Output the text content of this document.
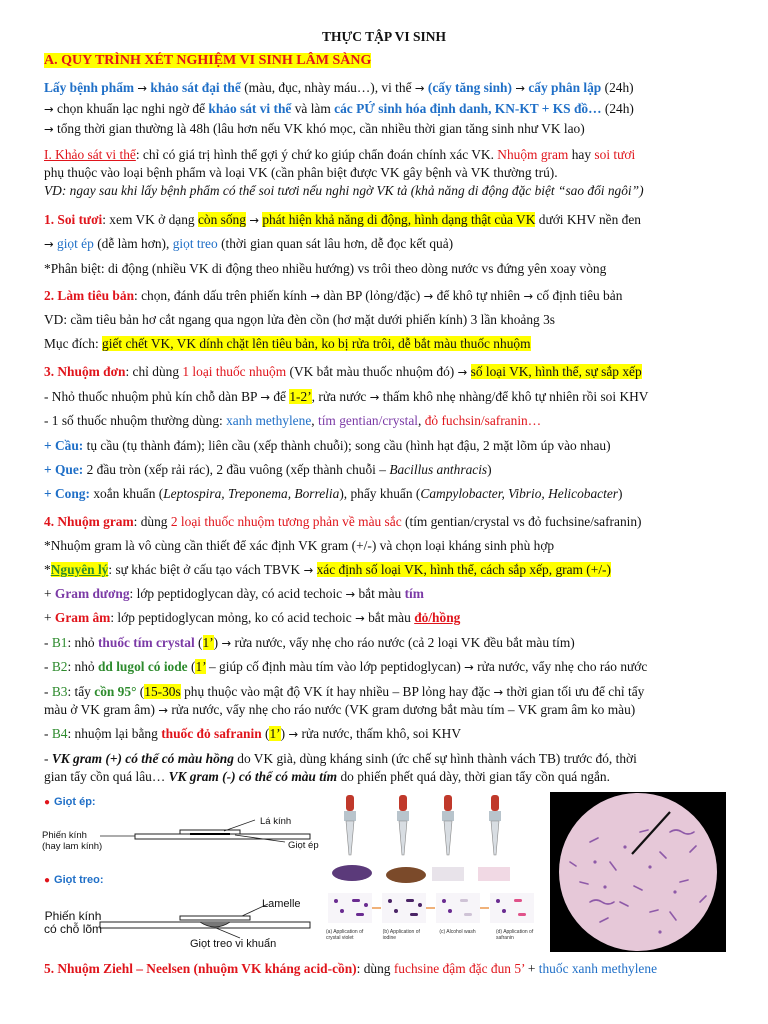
THỰC TẬP VI SINH
A. QUY TRÌNH XÉT NGHIỆM VI SINH LÂM SÀNG
Lấy bệnh phẩm → khảo sát đại thể (màu, đục, nhày máu…), vi thể → (cấy tăng sinh) → cấy phân lập (24h)
→ chọn khuẩn lạc nghi ngờ để khảo sát vi thể và làm các PỨ sinh hóa định danh, KN-KT + KS đồ… (24h)
→ tổng thời gian thường là 48h (lâu hơn nếu VK khó mọc, cần nhiều thời gian tăng sinh như VK lao)
I. Khảo sát vi thể: chỉ có giá trị hình thể gợi ý chứ ko giúp chẩn đoán chính xác VK. Nhuộm gram hay soi tươi
phụ thuộc vào loại bệnh phẩm và loại VK (cần phân biệt được VK gây bệnh và VK thường trú).
VD: ngay sau khi lấy bệnh phẩm có thể soi tươi nếu nghi ngờ VK tả (khả năng di động đặc biệt “sao đổi ngôi”)
1. Soi tươi: xem VK ở dạng còn sống → phát hiện khả năng di động, hình dạng thật của VK dưới KHV nền đen
→ giọt ép (dễ làm hơn), giọt treo (thời gian quan sát lâu hơn, dễ đọc kết quả)
*Phân biệt: di động (nhiều VK di động theo nhiều hướng) vs trôi theo dòng nước vs đứng yên xoay vòng
2. Làm tiêu bản: chọn, đánh dấu trên phiến kính → dàn BP (lỏng/đặc) → để khô tự nhiên → cố định tiêu bản
VD: cầm tiêu bản hơ cắt ngang qua ngọn lửa đèn cồn (hơ mặt dưới phiến kính) 3 lần khoảng 3s
Mục đích: giết chết VK, VK dính chặt lên tiêu bản, ko bị rửa trôi, dễ bắt màu thuốc nhuộm
3. Nhuộm đơn: chỉ dùng 1 loại thuốc nhuộm (VK bắt màu thuốc nhuộm đó) → số loại VK, hình thể, sự sắp xếp
- Nhỏ thuốc nhuộm phủ kín chỗ dàn BP → để 1-2’, rửa nước → thấm khô nhẹ nhàng/để khô tự nhiên rồi soi KHV
- 1 số thuốc nhuộm thường dùng: xanh methylene, tím gentian/crystal, đỏ fuchsin/safranin…
+ Cầu: tụ cầu (tụ thành đám); liên cầu (xếp thành chuỗi); song cầu (hình hạt đậu, 2 mặt lõm úp vào nhau)
+ Que: 2 đầu tròn (xếp rải rác), 2 đầu vuông (xếp thành chuỗi – Bacillus anthracis)
+ Cong: xoắn khuẩn (Leptospira, Treponema, Borrelia), phẩy khuẩn (Campylobacter, Vibrio, Helicobacter)
4. Nhuộm gram: dùng 2 loại thuốc nhuộm tương phản về màu sắc (tím gentian/crystal vs đỏ fuchsine/safranin)
*Nhuộm gram là vô cùng cần thiết để xác định VK gram (+/-) và chọn loại kháng sinh phù hợp
*Nguyên lý: sự khác biệt ở cấu tạo vách TBVK → xác định số loại VK, hình thể, cách sắp xếp, gram (+/-)
+ Gram dương: lớp peptidoglycan dày, có acid techoic → bắt màu tím
+ Gram âm: lớp peptidoglycan mỏng, ko có acid techoic → bắt màu đỏ/hồng
- B1: nhỏ thuốc tím crystal (1’) → rửa nước, vẩy nhẹ cho ráo nước (cả 2 loại VK đều bắt màu tím)
- B2: nhỏ dd lugol có iode (1’ – giúp cố định màu tím vào lớp peptidoglycan) → rửa nước, vẩy nhẹ cho ráo nước
- B3: tẩy cồn 95° (15-30s phụ thuộc vào mật độ VK ít hay nhiều – BP lỏng hay đặc → thời gian tối ưu để chỉ tẩy
màu ở VK gram âm) → rửa nước, vẩy nhẹ cho ráo nước (VK gram dương bắt màu tím – VK gram âm ko màu)
- B4: nhuộm lại bằng thuốc đỏ safranin (1’) → rửa nước, thấm khô, soi KHV
- VK gram (+) có thể có màu hồng do VK già, dùng kháng sinh (ức chế sự hình thành vách TB) trước đó, thời
gian tẩy cồn quá lâu… VK gram (-) có thể có màu tím do phiến phết quá dày, thời gian tẩy cồn quá ngắn.
● Giọt ép:
Lá kính
Phiến kính
(hay lam kính)	Giọt ép
● Giọt treo:
Lamelle
Phiến kính
có chỗ lõm
Giọt treo vi khuẩn
(a) Application of crystal violet
(b) Application of iodine
(c) Alcohol wash	(d) Application of safranin
5. Nhuộm Ziehl – Neelsen (nhuộm VK kháng acid-cồn): dùng fuchsine đậm đặc đun 5’ + thuốc xanh methylene
